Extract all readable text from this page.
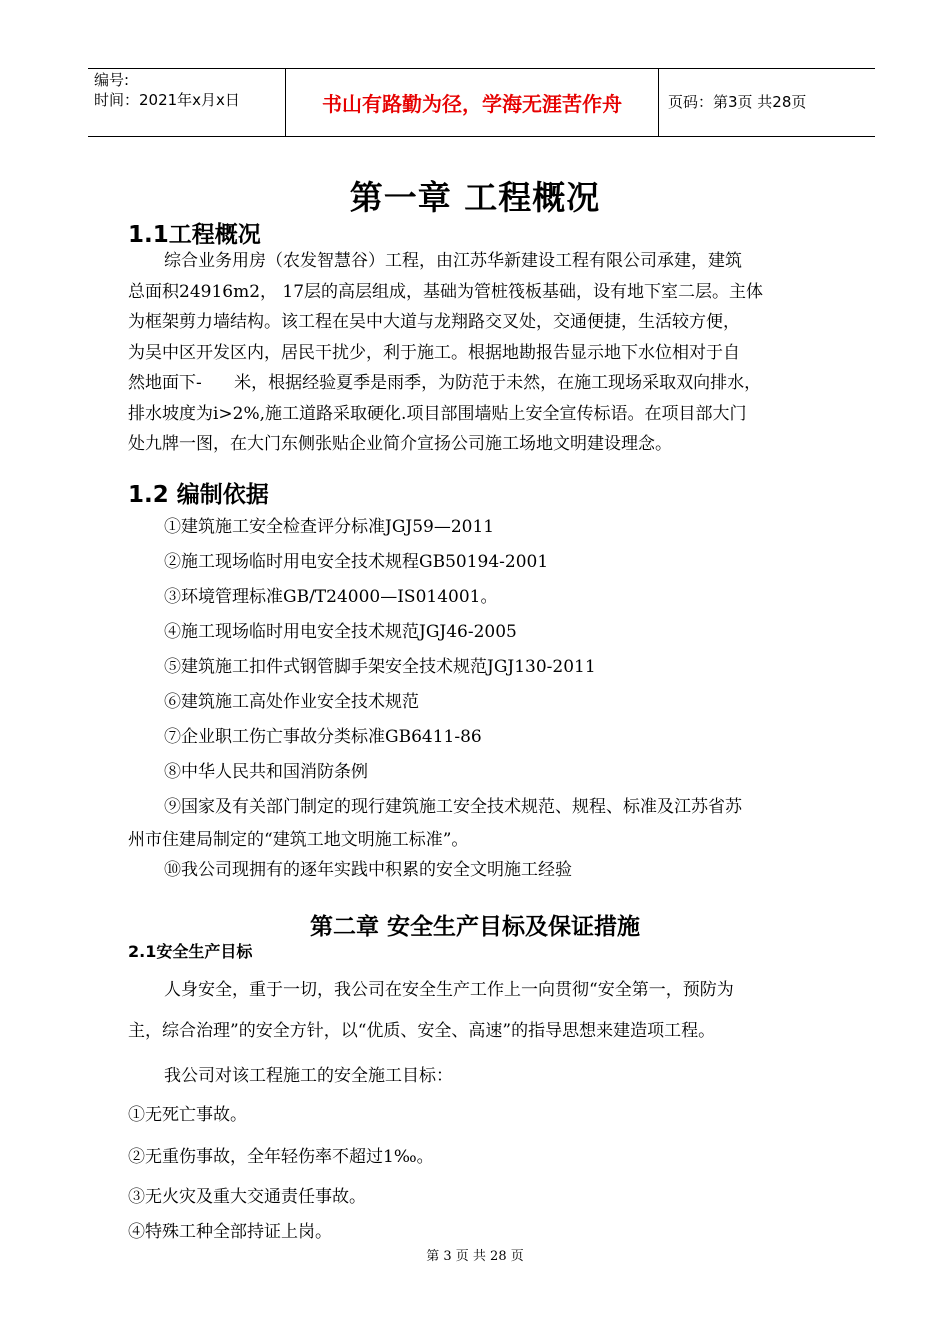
编号:
时间：2021年x月x日	书山有路勤为径，学海无涯苦作舟	页码：第3页 共28页
第一章 工程概况
1.1工程概况
综合业务用房（农发智慧谷）工程，由江苏华新建设工程有限公司承建，建筑
总面积24916m2， 17层的高层组成，基础为管桩筏板基础，设有地下室二层。主体
为框架剪力墙结构。该工程在吴中大道与龙翔路交叉处，交通便捷，生活较方便，
为吴中区开发区内，居民干扰少，利于施工。根据地勘报告显示地下水位相对于自
然地面下-      米，根据经验夏季是雨季，为防范于未然，在施工现场采取双向排水，
排水坡度为i>2%,施工道路采取硬化.项目部围墙贴上安全宣传标语。在项目部大门
处九牌一图，在大门东侧张贴企业简介宣扬公司施工场地文明建设理念。
1.2 编制依据
①建筑施工安全检查评分标准JGJ59—2011
②施工现场临时用电安全技术规程GB50194-2001
③环境管理标准GB/T24000—IS014001。
④施工现场临时用电安全技术规范JGJ46-2005
⑤建筑施工扣件式钢管脚手架安全技术规范JGJ130-2011
⑥建筑施工高处作业安全技术规范
⑦企业职工伤亡事故分类标准GB6411-86
⑧中华人民共和国消防条例
⑨国家及有关部门制定的现行建筑施工安全技术规范、规程、标准及江苏省苏
州市住建局制定的“建筑工地文明施工标准”。
⑩我公司现拥有的逐年实践中积累的安全文明施工经验
第二章 安全生产目标及保证措施
2.1安全生产目标
人身安全，重于一切，我公司在安全生产工作上一向贯彻“安全第一，预防为
主，综合治理”的安全方针，以“优质、安全、高速”的指导思想来建造项工程。
我公司对该工程施工的安全施工目标：
①无死亡事故。
②无重伤事故，全年轻伤率不超过1‰。
③无火灾及重大交通责任事故。
④特殊工种全部持证上岗。
第 3 页 共 28 页
